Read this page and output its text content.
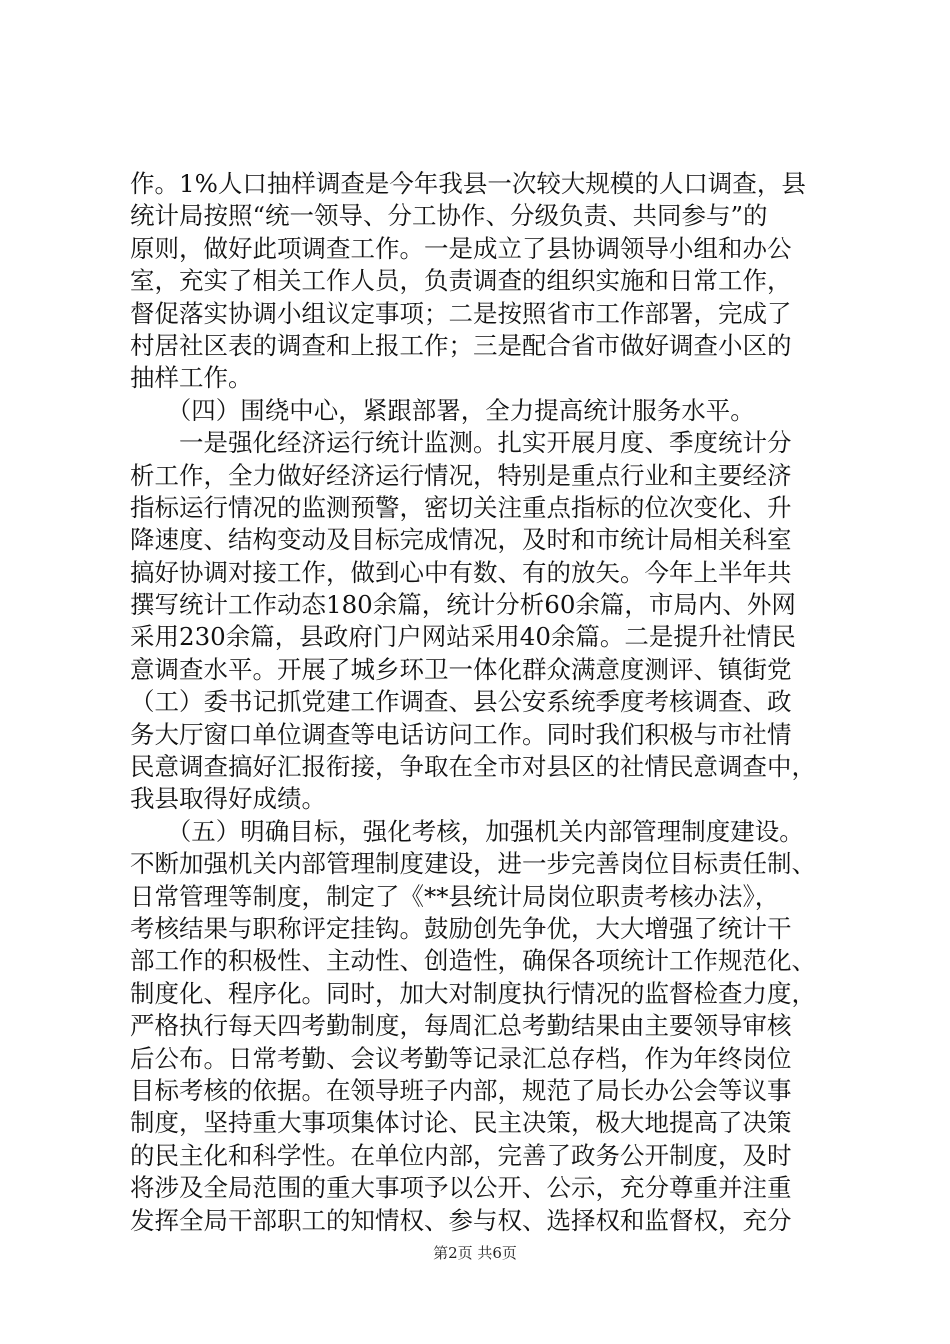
作。1%人口抽样调查是今年我县一次较大规模的人口调查，县
统计局按照“统一领导、分工协作、分级负责、共同参与”的
原则，做好此项调查工作。一是成立了县协调领导小组和办公
室，充实了相关工作人员，负责调查的组织实施和日常工作，
督促落实协调小组议定事项；二是按照省市工作部署，完成了
村居社区表的调查和上报工作；三是配合省市做好调查小区的
抽样工作。
　　（四）围绕中心，紧跟部署，全力提高统计服务水平。
　　一是强化经济运行统计监测。扎实开展月度、季度统计分
析工作，全力做好经济运行情况，特别是重点行业和主要经济
指标运行情况的监测预警，密切关注重点指标的位次变化、升
降速度、结构变动及目标完成情况，及时和市统计局相关科室
搞好协调对接工作，做到心中有数、有的放矢。今年上半年共
撰写统计工作动态180余篇，统计分析60余篇，市局内、外网
采用230余篇，县政府门户网站采用40余篇。二是提升社情民
意调查水平。开展了城乡环卫一体化群众满意度测评、镇街党
（工）委书记抓党建工作调查、县公安系统季度考核调查、政
务大厅窗口单位调查等电话访问工作。同时我们积极与市社情
民意调查搞好汇报衔接，争取在全市对县区的社情民意调查中，
我县取得好成绩。
　　（五）明确目标，强化考核，加强机关内部管理制度建设。
不断加强机关内部管理制度建设，进一步完善岗位目标责任制、
日常管理等制度，制定了《**县统计局岗位职责考核办法》，
考核结果与职称评定挂钩。鼓励创先争优，大大增强了统计干
部工作的积极性、主动性、创造性，确保各项统计工作规范化、
制度化、程序化。同时，加大对制度执行情况的监督检查力度，
严格执行每天四考勤制度，每周汇总考勤结果由主要领导审核
后公布。日常考勤、会议考勤等记录汇总存档，作为年终岗位
目标考核的依据。在领导班子内部，规范了局长办公会等议事
制度，坚持重大事项集体讨论、民主决策，极大地提高了决策
的民主化和科学性。在单位内部，完善了政务公开制度，及时
将涉及全局范围的重大事项予以公开、公示，充分尊重并注重
发挥全局干部职工的知情权、参与权、选择权和监督权，充分
第2页 共6页
